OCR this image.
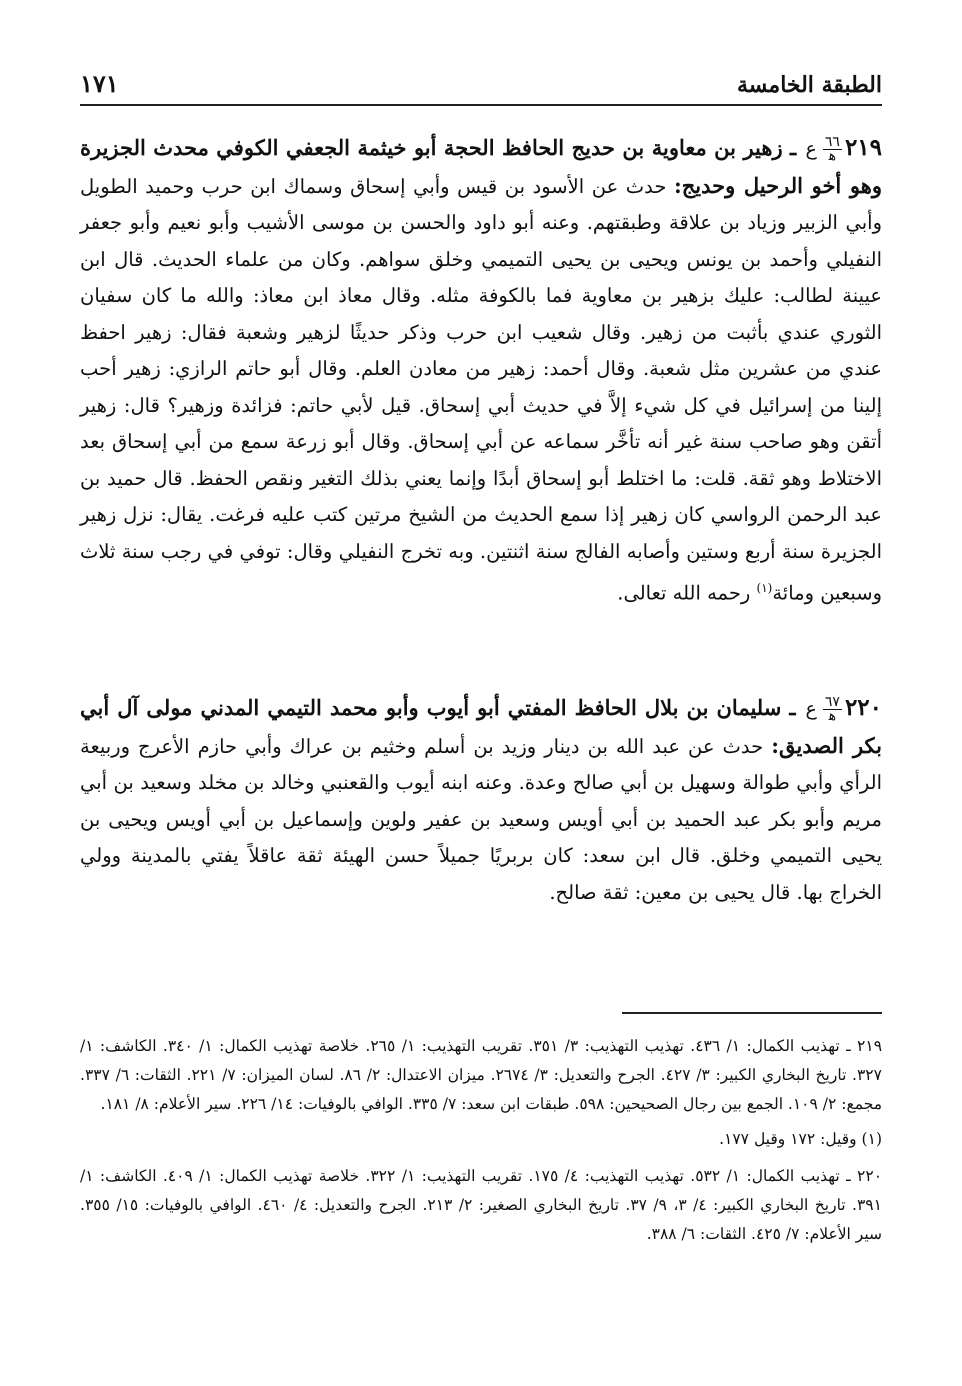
الطبقة الخامسة
١٧١

٢١٩
$\frac{٦٦}{\text{ﻫ}}$
ع ـ زهير بن معاوية بن حديج الحافظ الحجة أبو خيثمة الجعفي الكوفي محدث الجزيرة وهو أخو الرحيل وحديج: حدث عن الأسود بن قيس وأبي إسحاق وسماك ابن حرب وحميد الطويل وأبي الزبير وزياد بن علاقة وطبقتهم. وعنه أبو داود والحسن بن موسى الأشيب وأبو نعيم وأبو جعفر النفيلي وأحمد بن يونس ويحيى بن يحيى التميمي وخلق سواهم. وكان من علماء الحديث. قال ابن عيينة لطالب: عليك بزهير بن معاوية فما بالكوفة مثله. وقال معاذ ابن معاذ: والله ما كان سفيان الثوري عندي بأثبت من زهير. وقال شعيب ابن حرب وذكر حديثًا لزهير وشعبة فقال: زهير احفظ عندي من عشرين مثل شعبة. وقال أحمد: زهير من معادن العلم. وقال أبو حاتم الرازي: زهير أحب إلينا من إسرائيل في كل شيء إلاَّ في حديث أبي إسحاق. قيل لأبي حاتم: فزائدة وزهير؟ قال: زهير أتقن وهو صاحب سنة غير أنه تأخَّر سماعه عن أبي إسحاق. وقال أبو زرعة سمع من أبي إسحاق بعد الاختلاط وهو ثقة. قلت: ما اختلط أبو إسحاق أبدًا وإنما يعني بذلك التغير ونقص الحفظ. قال حميد بن عبد الرحمن الرواسي كان زهير إذا سمع الحديث من الشيخ مرتين كتب عليه فرغت. يقال: نزل زهير الجزيرة سنة أربع وستين وأصابه الفالج سنة اثنتين. وبه تخرج النفيلي وقال: توفي في رجب سنة ثلاث وسبعين ومائة$^{(١)}$ رحمه الله تعالى.

٢٢٠
$\frac{٦٧}{\text{ﻫ}}$
ع ـ سليمان بن بلال الحافظ المفتي أبو أيوب وأبو محمد التيمي المدني مولى آل أبي بكر الصديق: حدث عن عبد الله بن دينار وزيد بن أسلم وخثيم بن عراك وأبي حازم الأعرج وربيعة الرأي وأبي طوالة وسهيل بن أبي صالح وعدة. وعنه ابنه أيوب والقعنبي وخالد بن مخلد وسعيد بن أبي مريم وأبو بكر عبد الحميد بن أبي أويس وسعيد بن عفير ولوين وإسماعيل بن أبي أويس ويحيى بن يحيى التميمي وخلق. قال ابن سعد: كان بربريًا جميلاً حسن الهيئة ثقة عاقلاً يفتي بالمدينة وولي الخراج بها. قال يحيى بن معين: ثقة صالح.

٢١٩ ـ تهذيب الكمال: ١/ ٤٣٦. تهذيب التهذيب: ٣/ ٣٥١. تقريب التهذيب: ١/ ٢٦٥. خلاصة تهذيب الكمال: ١/ ٣٤٠. الكاشف: ١/ ٣٢٧. تاريخ البخاري الكبير: ٣/ ٤٢٧. الجرح والتعديل: ٣/ ٢٦٧٤. ميزان الاعتدال: ٢/ ٨٦. لسان الميزان: ٧/ ٢٢١. الثقات: ٦/ ٣٣٧. مجمع: ٢/ ١٠٩. الجمع بين رجال الصحيحين: ٥٩٨. طبقات ابن سعد: ٧/ ٣٣٥. الوافي بالوفيات: ١٤/ ٢٢٦. سير الأعلام: ٨/ ١٨١.

(١) وقيل: ١٧٢ وقيل ١٧٧.

٢٢٠ ـ تهذيب الكمال: ١/ ٥٣٢. تهذيب التهذيب: ٤/ ١٧٥. تقريب التهذيب: ١/ ٣٢٢. خلاصة تهذيب الكمال: ١/ ٤٠٩. الكاشف: ١/ ٣٩١. تاريخ البخاري الكبير: ٤/ ٣، ٩/ ٣٧. تاريخ البخاري الصغير: ٢/ ٢١٣. الجرح والتعديل: ٤/ ٤٦٠. الوافي بالوفيات: ١٥/ ٣٥٥. سير الأعلام: ٧/ ٤٢٥. الثقات: ٦/ ٣٨٨.
